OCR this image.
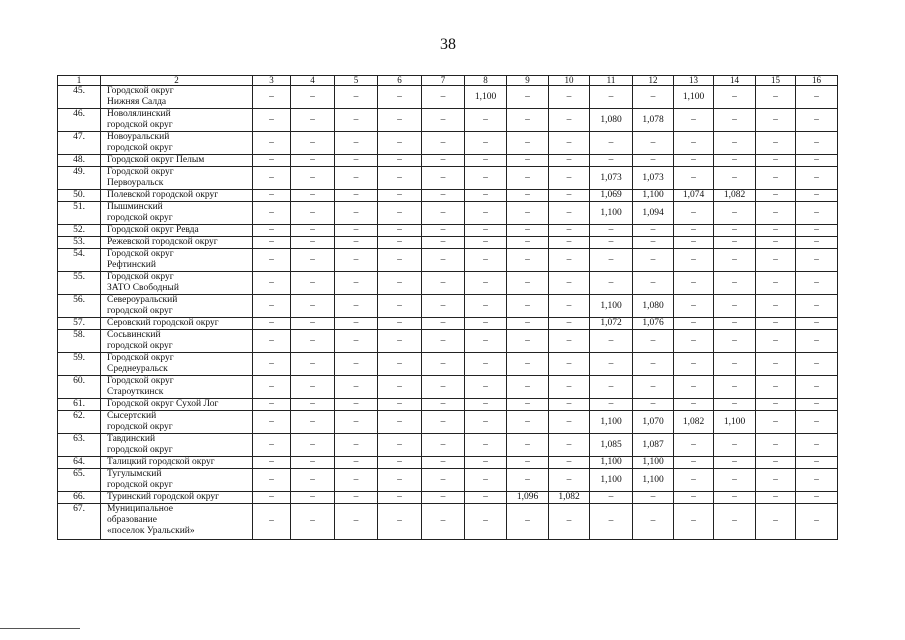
38
1	2	3	4	5	6	7	8	9	10	11	12	13	14	15	16
45.	Городской округ
Нижняя Салда	–	–	–	–	–	1,100	–	–	–	–	1,100	–	–	–
46.	Новолялинский
городской округ	–	–	–	–	–	–	–	–	1,080	1,078	–	–	–	–
47.	Новоуральский
городской округ	–	–	–	–	–	–	–	–	–	–	–	–	–	–
48.	Городской округ Пелым	–	–	–	–	–	–	–	–	–	–	–	–	–	–
49.	Городской округ
Первоуральск	–	–	–	–	–	–	–	–	1,073	1,073	–	–	–	–
50.	Полевской городской округ	–	–	–	–	–	–	–	–	1,069	1,100	1,074	1,082	–	–
51.	Пышминский
городской округ	–	–	–	–	–	–	–	–	1,100	1,094	–	–	–	–
52.	Городской округ Ревда	–	–	–	–	–	–	–	–	–	–	–	–	–	–
53.	Режевской городской округ	–	–	–	–	–	–	–	–	–	–	–	–	–	–
54.	Городской округ
Рефтинский	–	–	–	–	–	–	–	–	–	–	–	–	–	–
55.	Городской округ
ЗАТО Свободный	–	–	–	–	–	–	–	–	–	–	–	–	–	–
56.	Североуральский
городской округ	–	–	–	–	–	–	–	–	1,100	1,080	–	–	–	–
57.	Серовский городской округ	–	–	–	–	–	–	–	–	1,072	1,076	–	–	–	–
58.	Сосьвинский
городской округ	–	–	–	–	–	–	–	–	–	–	–	–	–	–
59.	Городской округ
Среднеуральск	–	–	–	–	–	–	–	–	–	–	–	–	–	–
60.	Городской округ
Староуткинск	–	–	–	–	–	–	–	–	–	–	–	–	–	–
61.	Городской округ Сухой Лог	–	–	–	–	–	–	–	–	–	–	–	–	–	–
62.	Сысертский
городской округ	–	–	–	–	–	–	–	–	1,100	1,070	1,082	1,100	–	–
63.	Тавдинский
городской округ	–	–	–	–	–	–	–	–	1,085	1,087	–	–	–	–
64.	Талицкий городской округ	–	–	–	–	–	–	–	–	1,100	1,100	–	–	–	–
65.	Тугулымский
городской округ	–	–	–	–	–	–	–	–	1,100	1,100	–	–	–	–
66.	Туринский городской округ	–	–	–	–	–	–	1,096	1,082	–	–	–	–	–	–
67.	Муниципальное
образование
«поселок Уральский»	–	–	–	–	–	–	–	–	–	–	–	–	–	–
